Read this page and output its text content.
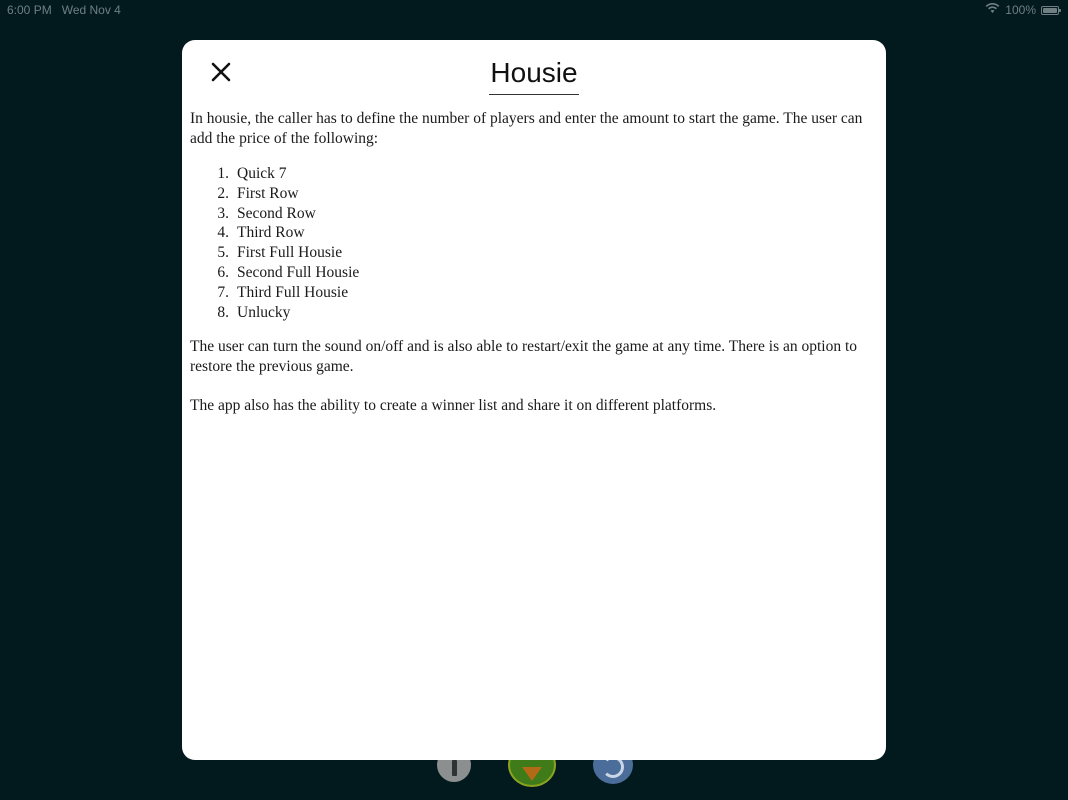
6:00 PM Wed Nov 4	100%
Housie

In housie, the caller has to define the number of players and enter the amount to start the game. The user can add the price of the following:

1. Quick 7
2. First Row
3. Second Row
4. Third Row
5. First Full Housie
6. Second Full Housie
7. Third Full Housie
8. Unlucky

The user can turn the sound on/off and is also able to restart/exit the game at any time. There is an option to restore the previous game.

The app also has the ability to create a winner list and share it on different platforms.
